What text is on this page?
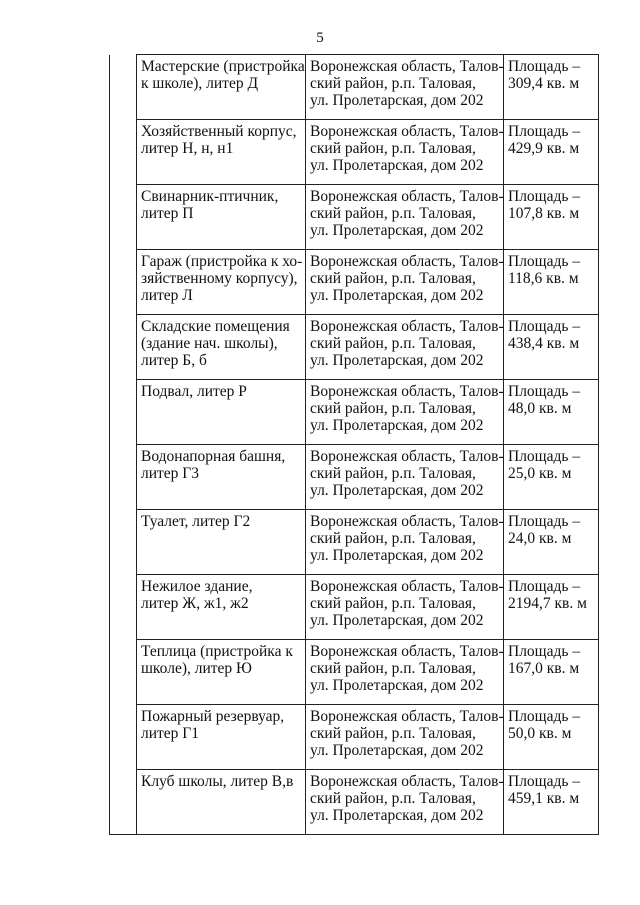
5

	Мастерские (пристройка
к школе), литер Д	Воронежская область, Талов-
ский район, р.п. Таловая,
ул. Пролетарская, дом 202	Площадь –
309,4 кв. м

	Хозяйственный корпус,
литер Н, н, н1	Воронежская область, Талов-
ский район, р.п. Таловая,
ул. Пролетарская, дом 202	Площадь –
429,9 кв. м

	Свинарник-птичник,
литер П	Воронежская область, Талов-
ский район, р.п. Таловая,
ул. Пролетарская, дом 202	Площадь –
107,8 кв. м

	Гараж (пристройка к хо-
зяйственному корпусу),
литер Л	Воронежская область, Талов-
ский район, р.п. Таловая,
ул. Пролетарская, дом 202	Площадь –
118,6 кв. м

	Складские помещения
(здание нач. школы),
литер Б, б	Воронежская область, Талов-
ский район, р.п. Таловая,
ул. Пролетарская, дом 202	Площадь –
438,4 кв. м

	Подвал, литер Р	Воронежская область, Талов-
ский район, р.п. Таловая,
ул. Пролетарская, дом 202	Площадь –
48,0 кв. м

	Водонапорная башня,
литер Г3	Воронежская область, Талов-
ский район, р.п. Таловая,
ул. Пролетарская, дом 202	Площадь –
25,0 кв. м

	Туалет, литер Г2	Воронежская область, Талов-
ский район, р.п. Таловая,
ул. Пролетарская, дом 202	Площадь –
24,0 кв. м

	Нежилое здание,
литер Ж, ж1, ж2	Воронежская область, Талов-
ский район, р.п. Таловая,
ул. Пролетарская, дом 202	Площадь –
2194,7 кв. м

	Теплица (пристройка к
школе), литер Ю	Воронежская область, Талов-
ский район, р.п. Таловая,
ул. Пролетарская, дом 202	Площадь –
167,0 кв. м

	Пожарный резервуар,
литер Г1	Воронежская область, Талов-
ский район, р.п. Таловая,
ул. Пролетарская, дом 202	Площадь –
50,0 кв. м

	Клуб школы, литер В,в	Воронежская область, Талов-
ский район, р.п. Таловая,
ул. Пролетарская, дом 202	Площадь –
459,1 кв. м
